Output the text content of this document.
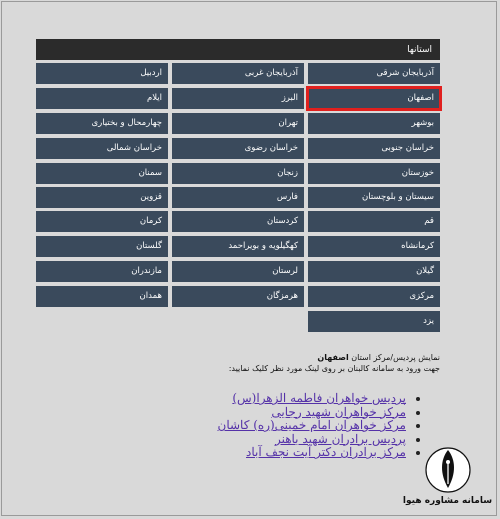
استانها
آذربایجان شرقی
اصفهان
بوشهر
خراسان جنوبی
خوزستان
سیستان و بلوچستان
قم
کرمانشاه
گیلان
مرکزی
یزد
آذربایجان غربی
البرز
تهران
خراسان رضوی
زنجان
فارس
کردستان
کهگیلویه و بویراحمد
لرستان
هرمزگان
اردبیل
ایلام
چهارمحال و بختیاری
خراسان شمالی
سمنان
قزوین
کرمان
گلستان
مازندران
همدان
نمایش پردیس/مرکز استان اصفهان
جهت ورود به سامانه کالبنان بر روی لینک مورد نظر کلیک نمایید:
پردیس خواهران فاطمه الزهرا(س)
مرکز خواهران شهید رجایی
مرکز خواهران امام خمینی(ره) کاشان
پردیس برادران شهید باهنر
مرکز برادران دکتر آیت نجف آباد
سامانه مشاوره هیوا
